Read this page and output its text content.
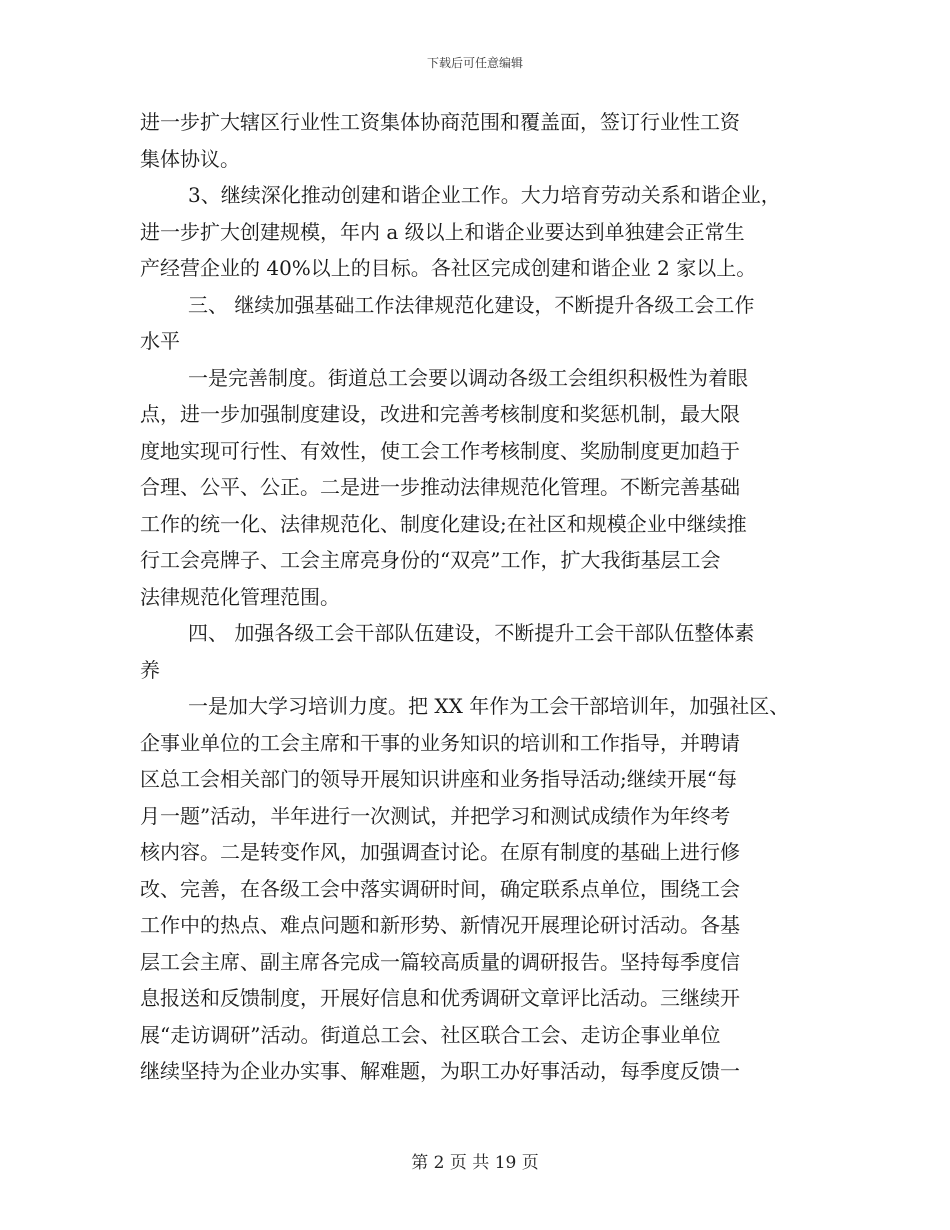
下载后可任意编辑
进一步扩大辖区行业性工资集体协商范围和覆盖面，签订行业性工资
集体协议。
3、继续深化推动创建和谐企业工作。大力培育劳动关系和谐企业，
进一步扩大创建规模，年内 a 级以上和谐企业要达到单独建会正常生
产经营企业的 40%以上的目标。各社区完成创建和谐企业 2 家以上。
三、 继续加强基础工作法律规范化建设，不断提升各级工会工作
水平
一是完善制度。街道总工会要以调动各级工会组织积极性为着眼
点，进一步加强制度建设，改进和完善考核制度和奖惩机制，最大限
度地实现可行性、有效性，使工会工作考核制度、奖励制度更加趋于
合理、公平、公正。二是进一步推动法律规范化管理。不断完善基础
工作的统一化、法律规范化、制度化建设;在社区和规模企业中继续推
行工会亮牌子、工会主席亮身份的“双亮”工作，扩大我街基层工会
法律规范化管理范围。
四、 加强各级工会干部队伍建设，不断提升工会干部队伍整体素
养
一是加大学习培训力度。把 XX 年作为工会干部培训年，加强社区、
企事业单位的工会主席和干事的业务知识的培训和工作指导，并聘请
区总工会相关部门的领导开展知识讲座和业务指导活动;继续开展“每
月一题”活动，半年进行一次测试，并把学习和测试成绩作为年终考
核内容。二是转变作风，加强调查讨论。在原有制度的基础上进行修
改、完善，在各级工会中落实调研时间，确定联系点单位，围绕工会
工作中的热点、难点问题和新形势、新情况开展理论研讨活动。各基
层工会主席、副主席各完成一篇较高质量的调研报告。坚持每季度信
息报送和反馈制度，开展好信息和优秀调研文章评比活动。三继续开
展“走访调研”活动。街道总工会、社区联合工会、走访企事业单位
继续坚持为企业办实事、解难题，为职工办好事活动，每季度反馈一
第 2 页 共 19 页
